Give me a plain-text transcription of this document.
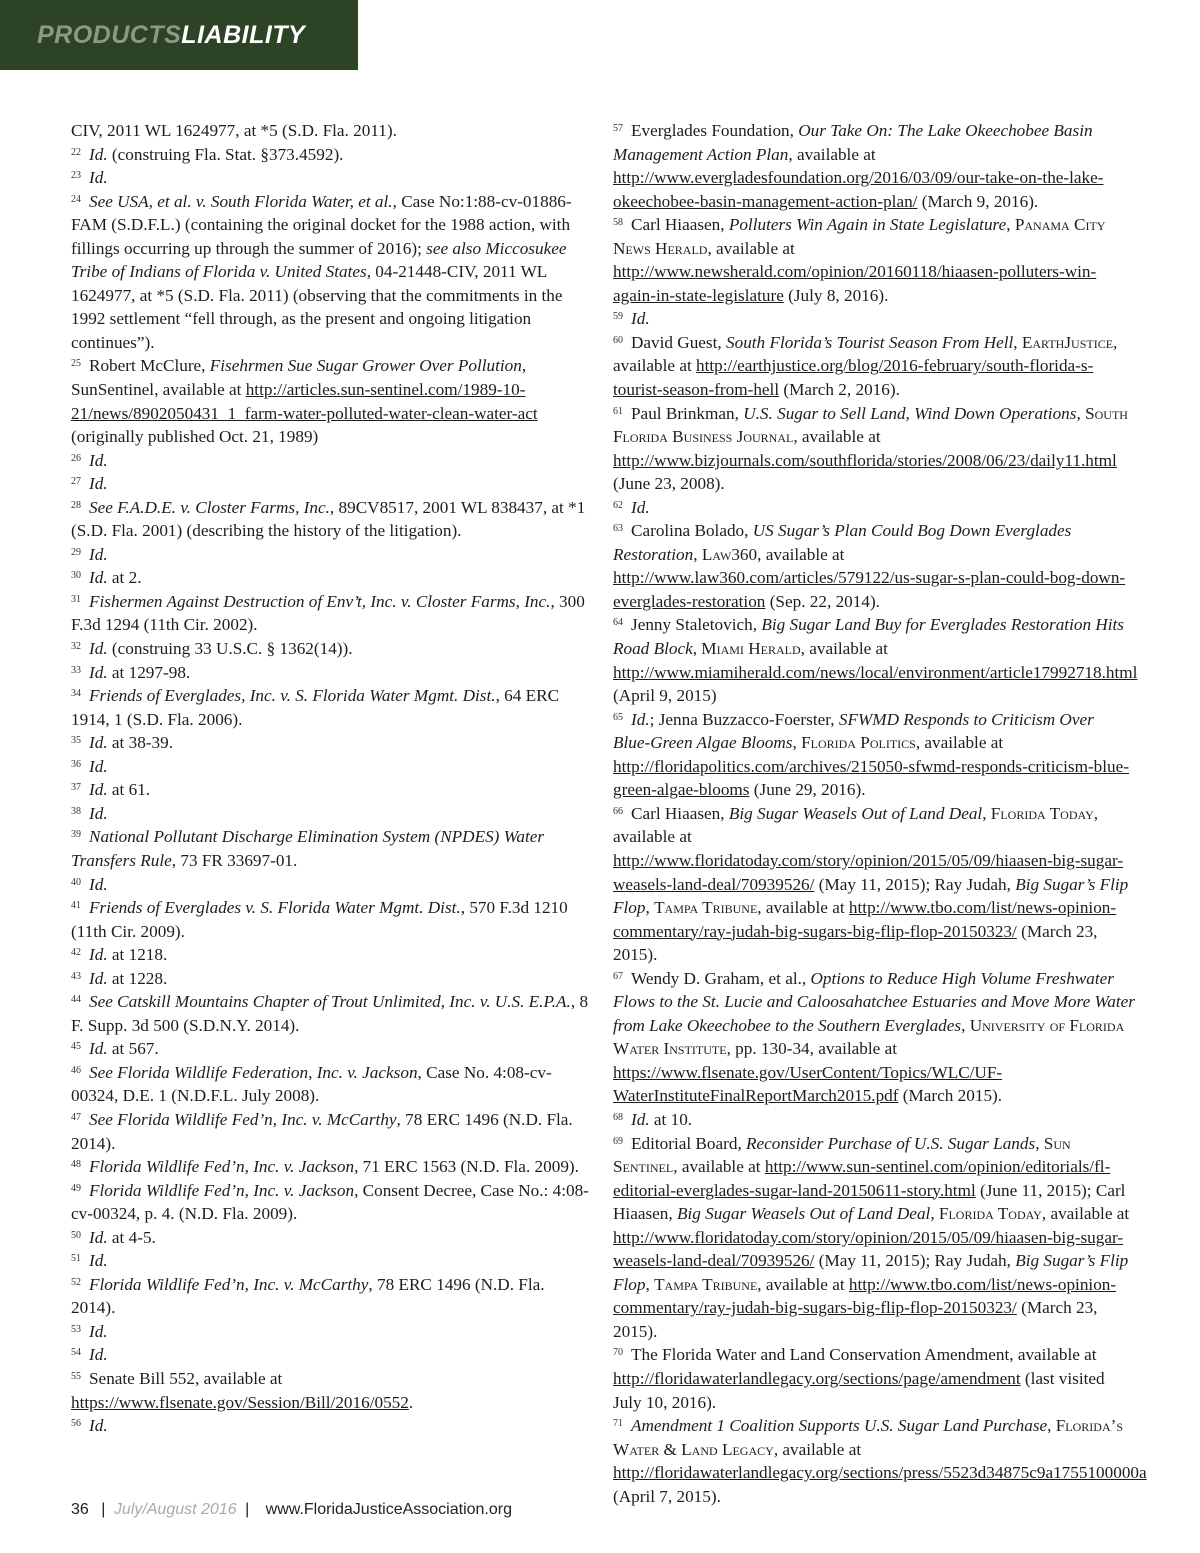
PRODUCTSLIABILITY

CIV, 2011 WL 1624977, at *5 (S.D. Fla. 2011).

$^{22}$ Id. (construing Fla. Stat. §373.4592).

$^{23}$ Id.

$^{24}$ See USA, et al. v. South Florida Water, et al., Case No:1:88-cv-01886-FAM (S.D.F.L.) (containing the original docket for the 1988 action, with fillings occurring up through the summer of 2016); see also Miccosukee Tribe of Indians of Florida v. United States, 04-21448-CIV, 2011 WL 1624977, at *5 (S.D. Fla. 2011) (observing that the commitments in the 1992 settlement “fell through, as the present and ongoing litigation continues”).

$^{25}$ Robert McClure, Fisehrmen Sue Sugar Grower Over Pollution, SunSentinel, available at http://articles.sun-sentinel.com/1989-10-21/news/8902050431_1_farm-water-polluted-water-clean-water-act (originally published Oct. 21, 1989)

$^{26}$ Id.

$^{27}$ Id.

$^{28}$ See F.A.D.E. v. Closter Farms, Inc., 89CV8517, 2001 WL 838437, at *1 (S.D. Fla. 2001) (describing the history of the litigation).

$^{29}$ Id.

$^{30}$ Id. at 2.

$^{31}$ Fishermen Against Destruction of Env’t, Inc. v. Closter Farms, Inc., 300 F.3d 1294 (11th Cir. 2002).

$^{32}$ Id. (construing 33 U.S.C. § 1362(14)).

$^{33}$ Id. at 1297-98.

$^{34}$ Friends of Everglades, Inc. v. S. Florida Water Mgmt. Dist., 64 ERC 1914, 1 (S.D. Fla. 2006).

$^{35}$ Id. at 38-39.

$^{36}$ Id.

$^{37}$ Id. at 61.

$^{38}$ Id.

$^{39}$ National Pollutant Discharge Elimination System (NPDES) Water Transfers Rule, 73 FR 33697-01.

$^{40}$ Id.

$^{41}$ Friends of Everglades v. S. Florida Water Mgmt. Dist., 570 F.3d 1210 (11th Cir. 2009).

$^{42}$ Id. at 1218.

$^{43}$ Id. at 1228.

$^{44}$ See Catskill Mountains Chapter of Trout Unlimited, Inc. v. U.S. E.P.A., 8 F. Supp. 3d 500 (S.D.N.Y. 2014).

$^{45}$ Id. at 567.

$^{46}$ See Florida Wildlife Federation, Inc. v. Jackson, Case No. 4:08-cv-00324, D.E. 1 (N.D.F.L. July 2008).

$^{47}$ See Florida Wildlife Fed’n, Inc. v. McCarthy, 78 ERC 1496 (N.D. Fla. 2014).

$^{48}$ Florida Wildlife Fed’n, Inc. v. Jackson, 71 ERC 1563 (N.D. Fla. 2009).

$^{49}$ Florida Wildlife Fed’n, Inc. v. Jackson, Consent Decree, Case No.: 4:08-cv-00324, p. 4. (N.D. Fla. 2009).

$^{50}$ Id. at 4-5.

$^{51}$ Id.

$^{52}$ Florida Wildlife Fed’n, Inc. v. McCarthy, 78 ERC 1496 (N.D. Fla. 2014).

$^{53}$ Id.

$^{54}$ Id.

$^{55}$ Senate Bill 552, available at https://www.flsenate.gov/Session/Bill/2016/0552.

$^{56}$ Id.

$^{57}$ Everglades Foundation, Our Take On: The Lake Okeechobee Basin Management Action Plan, available at http://www.evergladesfoundation.org/2016/03/09/our-take-on-the-lake-okeechobee-basin-management-action-plan/ (March 9, 2016).

$^{58}$ Carl Hiaasen, Polluters Win Again in State Legislature, Panama City News Herald, available at http://www.newsherald.com/opinion/20160118/hiaasen-polluters-win-again-in-state-legislature (July 8, 2016).

$^{59}$ Id.

$^{60}$ David Guest, South Florida’s Tourist Season From Hell, EarthJustice, available at http://earthjustice.org/blog/2016-february/south-florida-s-tourist-season-from-hell (March 2, 2016).

$^{61}$ Paul Brinkman, U.S. Sugar to Sell Land, Wind Down Operations, South Florida Business Journal, available at http://www.bizjournals.com/southflorida/stories/2008/06/23/daily11.html (June 23, 2008).

$^{62}$ Id.

$^{63}$ Carolina Bolado, US Sugar’s Plan Could Bog Down Everglades Restoration, Law360, available at http://www.law360.com/articles/579122/us-sugar-s-plan-could-bog-down-everglades-restoration (Sep. 22, 2014).

$^{64}$ Jenny Staletovich, Big Sugar Land Buy for Everglades Restoration Hits Road Block, Miami Herald, available at http://www.miamiherald.com/news/local/environment/article17992718.html (April 9, 2015)

$^{65}$ Id.; Jenna Buzzacco-Foerster, SFWMD Responds to Criticism Over Blue-Green Algae Blooms, Florida Politics, available at http://floridapolitics.com/archives/215050-sfwmd-responds-criticism-blue-green-algae-blooms (June 29, 2016).

$^{66}$ Carl Hiaasen, Big Sugar Weasels Out of Land Deal, Florida Today, available at http://www.floridatoday.com/story/opinion/2015/05/09/hiaasen-big-sugar-weasels-land-deal/70939526/ (May 11, 2015); Ray Judah, Big Sugar’s Flip Flop, Tampa Tribune, available at http://www.tbo.com/list/news-opinion-commentary/ray-judah-big-sugars-big-flip-flop-20150323/ (March 23, 2015).

$^{67}$ Wendy D. Graham, et al., Options to Reduce High Volume Freshwater Flows to the St. Lucie and Caloosahatchee Estuaries and Move More Water from Lake Okeechobee to the Southern Everglades, University of Florida Water Institute, pp. 130-34, available at https://www.flsenate.gov/UserContent/Topics/WLC/UF-WaterInstituteFinalReportMarch2015.pdf (March 2015).

$^{68}$ Id. at 10.

$^{69}$ Editorial Board, Reconsider Purchase of U.S. Sugar Lands, Sun Sentinel, available at http://www.sun-sentinel.com/opinion/editorials/fl-editorial-everglades-sugar-land-20150611-story.html (June 11, 2015); Carl Hiaasen, Big Sugar Weasels Out of Land Deal, Florida Today, available at http://www.floridatoday.com/story/opinion/2015/05/09/hiaasen-big-sugar-weasels-land-deal/70939526/ (May 11, 2015); Ray Judah, Big Sugar’s Flip Flop, Tampa Tribune, available at http://www.tbo.com/list/news-opinion-commentary/ray-judah-big-sugars-big-flip-flop-20150323/ (March 23, 2015).

$^{70}$ The Florida Water and Land Conservation Amendment, available at http://floridawaterlandlegacy.org/sections/page/amendment (last visited July 10, 2016).

$^{71}$ Amendment 1 Coalition Supports U.S. Sugar Land Purchase, Florida’s Water & Land Legacy, available at http://floridawaterlandlegacy.org/sections/press/5523d34875c9a1755100000a (April 7, 2015).

36 | July/August 2016 | www.FloridaJusticeAssociation.org
